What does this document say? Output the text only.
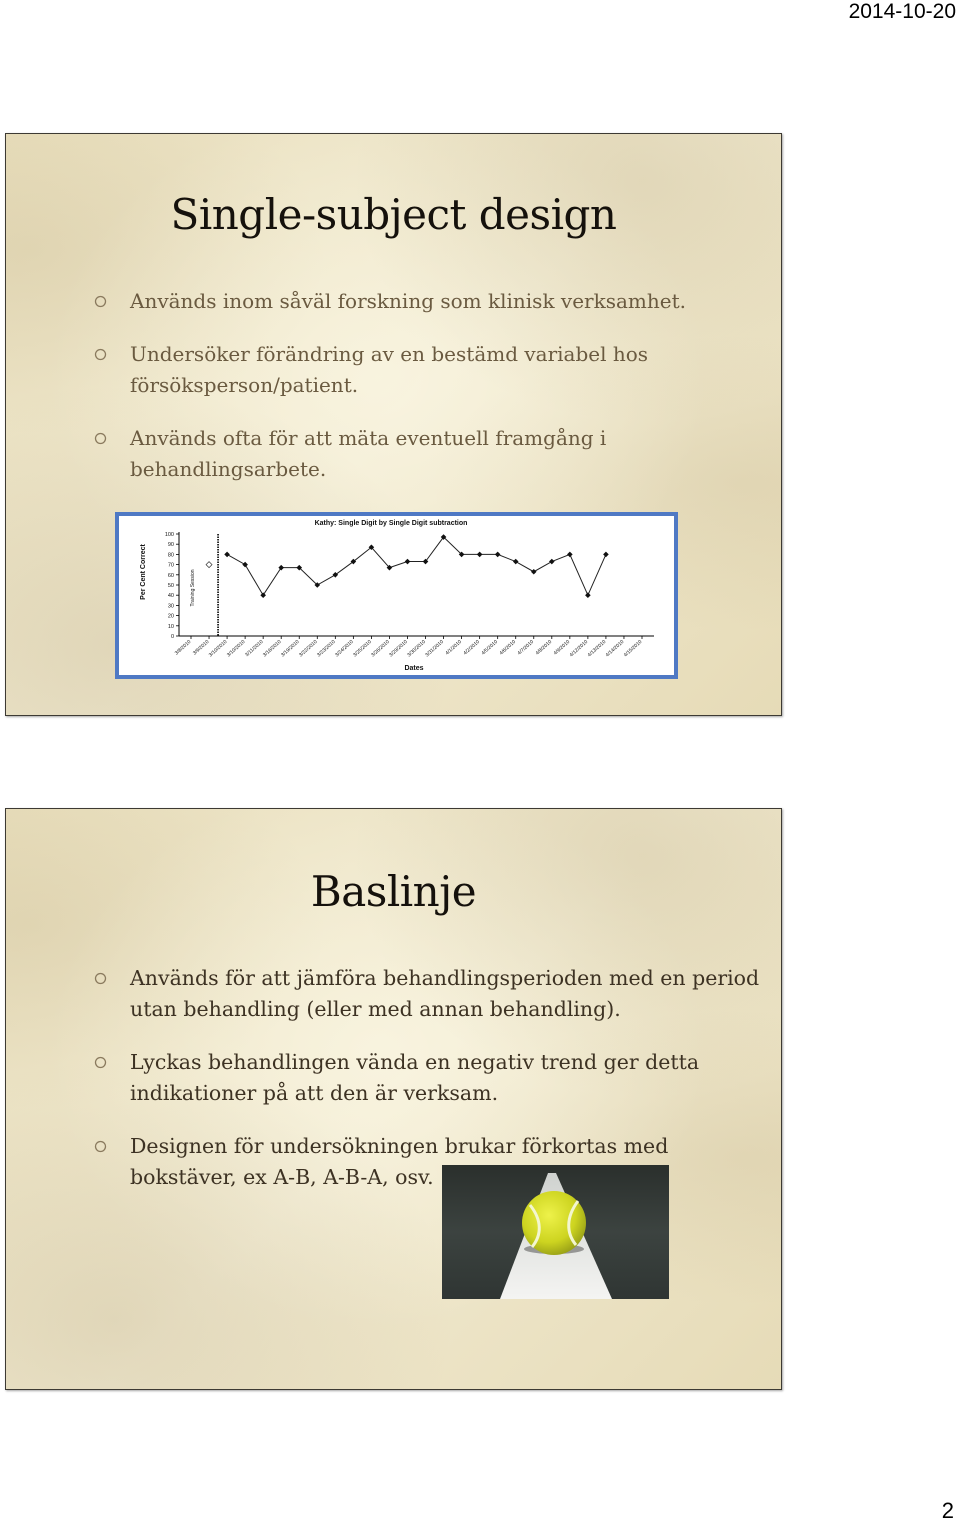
2014-10-20
Single-subject design
Används inom såväl forskning som klinisk verksamhet.
Undersöker förändring av en bestämd variabel hos försöksperson/patient.
Används ofta för att mäta eventuell framgång i behandlingsarbete.
Kathy: Single Digit by Single Digit subtraction
Per Cent Correct
Dates
Training Session
0
10
20
30
40
50
60
70
80
90
100
3/8/2010 3/9/2010
3/10/2010
3/10/2010
3/11/2010
3/16/2010
3/19/2010
3/22/2010
3/23/2010
3/24/2010
3/25/2010
3/26/2010
3/29/2010
3/30/2010
3/31/2010 4/1/2010 4/2/2010 4/5/2010 4/6/2010 4/7/2010 4/8/2010 4/9/2010
4/12/2010
4/13/2010
4/14/2010
4/15/2010
Baslinje
Används för att jämföra behandlingsperioden med en period utan behandling (eller med annan behandling).
Lyckas behandlingen vända en negativ trend ger detta indikationer på att den är verksam.
Designen för undersökningen brukar förkortas med bokstäver, ex A-B, A-B-A, osv.
2
